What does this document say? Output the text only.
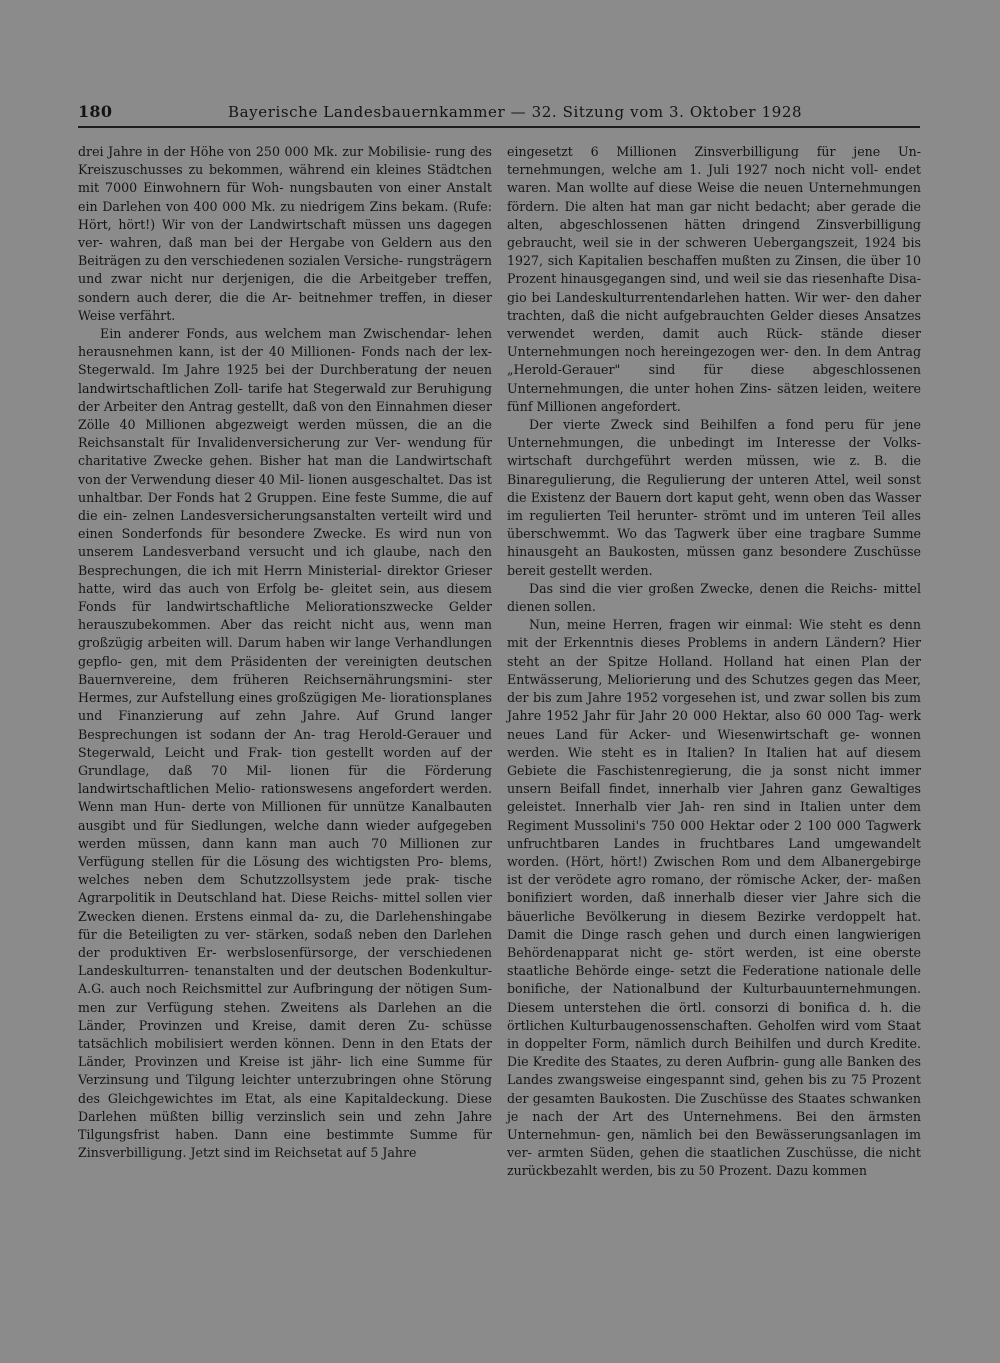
180	Bayerische Landesbauernkammer — 32. Sitzung vom 3. Oktober 1928

drei Jahre in der Höhe von 250 000 Mk. zur Mobilisie- rung des Kreiszuschusses zu bekommen, während ein kleines Städtchen mit 7000 Einwohnern für Woh- nungsbauten von einer Anstalt ein Darlehen von 400 000 Mk. zu niedrigem Zins bekam. (Rufe: Hört, hört!) Wir von der Landwirtschaft müssen uns dagegen ver- wahren, daß man bei der Hergabe von Geldern aus den Beiträgen zu den verschiedenen sozialen Versiche- rungsträgern und zwar nicht nur derjenigen, die die Arbeitgeber treffen, sondern auch derer, die die Ar- beitnehmer treffen, in dieser Weise verfährt.

Ein anderer Fonds, aus welchem man Zwischendar- lehen herausnehmen kann, ist der 40 Millionen- Fonds nach der lex-Stegerwald. Im Jahre 1925 bei der Durchberatung der neuen landwirtschaftlichen Zoll- tarife hat Stegerwald zur Beruhigung der Arbeiter den Antrag gestellt, daß von den Einnahmen dieser Zölle 40 Millionen abgezweigt werden müssen, die an die Reichsanstalt für Invalidenversicherung zur Ver- wendung für charitative Zwecke gehen. Bisher hat man die Landwirtschaft von der Verwendung dieser 40 Mil- lionen ausgeschaltet. Das ist unhaltbar. Der Fonds hat 2 Gruppen. Eine feste Summe, die auf die ein- zelnen Landesversicherungsanstalten verteilt wird und einen Sonderfonds für besondere Zwecke. Es wird nun von unserem Landesverband versucht und ich glaube, nach den Besprechungen, die ich mit Herrn Ministerial- direktor Grieser hatte, wird das auch von Erfolg be- gleitet sein, aus diesem Fonds für landwirtschaftliche Meliorationszwecke Gelder herauszubekommen. Aber das reicht nicht aus, wenn man großzügig arbeiten will. Darum haben wir lange Verhandlungen gepflo- gen, mit dem Präsidenten der vereinigten deutschen Bauernvereine, dem früheren Reichsernährungsmini- ster Hermes, zur Aufstellung eines großzügigen Me- liorationsplanes und Finanzierung auf zehn Jahre. Auf Grund langer Besprechungen ist sodann der An- trag Herold-Gerauer und Stegerwald, Leicht und Frak- tion gestellt worden auf der Grundlage, daß 70 Mil- lionen für die Förderung landwirtschaftlichen Melio- rationswesens angefordert werden. Wenn man Hun- derte von Millionen für unnütze Kanalbauten ausgibt und für Siedlungen, welche dann wieder aufgegeben werden müssen, dann kann man auch 70 Millionen zur Verfügung stellen für die Lösung des wichtigsten Pro- blems, welches neben dem Schutzzollsystem jede prak- tische Agrarpolitik in Deutschland hat. Diese Reichs- mittel sollen vier Zwecken dienen. Erstens einmal da- zu, die Darlehenshingabe für die Beteiligten zu ver- stärken, sodaß neben den Darlehen der produktiven Er- werbslosenfürsorge, der verschiedenen Landeskulturren- tenanstalten und der deutschen Bodenkultur-A.G. auch noch Reichsmittel zur Aufbringung der nötigen Sum- men zur Verfügung stehen. Zweitens als Darlehen an die Länder, Provinzen und Kreise, damit deren Zu- schüsse tatsächlich mobilisiert werden können. Denn in den Etats der Länder, Provinzen und Kreise ist jähr- lich eine Summe für Verzinsung und Tilgung leichter unterzubringen ohne Störung des Gleichgewichtes im Etat, als eine Kapitaldeckung. Diese Darlehen müßten billig verzinslich sein und zehn Jahre Tilgungsfrist haben. Dann eine bestimmte Summe für Zinsverbilligung. Jetzt sind im Reichsetat auf 5 Jahre

eingesetzt 6 Millionen Zinsverbilligung für jene Un- ternehmungen, welche am 1. Juli 1927 noch nicht voll- endet waren. Man wollte auf diese Weise die neuen Unternehmungen fördern. Die alten hat man gar nicht bedacht; aber gerade die alten, abgeschlossenen hätten dringend Zinsverbilligung gebraucht, weil sie in der schweren Uebergangszeit, 1924 bis 1927, sich Kapitalien beschaffen mußten zu Zinsen, die über 10 Prozent hinausgegangen sind, und weil sie das riesenhafte Disa- gio bei Landeskulturrentendarlehen hatten. Wir wer- den daher trachten, daß die nicht aufgebrauchten Gelder dieses Ansatzes verwendet werden, damit auch Rück- stände dieser Unternehmungen noch hereingezogen wer- den. In dem Antrag „Herold-Gerauer" sind für diese abgeschlossenen Unternehmungen, die unter hohen Zins- sätzen leiden, weitere fünf Millionen angefordert.

Der vierte Zweck sind Beihilfen a fond peru für jene Unternehmungen, die unbedingt im Interesse der Volks- wirtschaft durchgeführt werden müssen, wie z. B. die Binaregulierung, die Regulierung der unteren Attel, weil sonst die Existenz der Bauern dort kaput geht, wenn oben das Wasser im regulierten Teil herunter- strömt und im unteren Teil alles überschwemmt. Wo das Tagwerk über eine tragbare Summe hinausgeht an Baukosten, müssen ganz besondere Zuschüsse bereit gestellt werden.

Das sind die vier großen Zwecke, denen die Reichs- mittel dienen sollen.

Nun, meine Herren, fragen wir einmal: Wie steht es denn mit der Erkenntnis dieses Problems in andern Ländern? Hier steht an der Spitze Holland. Holland hat einen Plan der Entwässerung, Meliorierung und des Schutzes gegen das Meer, der bis zum Jahre 1952 vorgesehen ist, und zwar sollen bis zum Jahre 1952 Jahr für Jahr 20 000 Hektar, also 60 000 Tag- werk neues Land für Acker- und Wiesenwirtschaft ge- wonnen werden. Wie steht es in Italien? In Italien hat auf diesem Gebiete die Faschistenregierung, die ja sonst nicht immer unsern Beifall findet, innerhalb vier Jahren ganz Gewaltiges geleistet. Innerhalb vier Jah- ren sind in Italien unter dem Regiment Mussolini's 750 000 Hektar oder 2 100 000 Tagwerk unfruchtbaren Landes in fruchtbares Land umgewandelt worden. (Hört, hört!) Zwischen Rom und dem Albanergebirge ist der verödete agro romano, der römische Acker, der- maßen bonifiziert worden, daß innerhalb dieser vier Jahre sich die bäuerliche Bevölkerung in diesem Bezirke verdoppelt hat. Damit die Dinge rasch gehen und durch einen langwierigen Behördenapparat nicht ge- stört werden, ist eine oberste staatliche Behörde einge- setzt die Federatione nationale delle bonifiche, der Nationalbund der Kulturbauunternehmungen. Diesem unterstehen die örtl. consorzi di bonifica d. h. die örtlichen Kulturbaugenossenschaften. Geholfen wird vom Staat in doppelter Form, nämlich durch Beihilfen und durch Kredite. Die Kredite des Staates, zu deren Aufbrin- gung alle Banken des Landes zwangsweise eingespannt sind, gehen bis zu 75 Prozent der gesamten Baukosten. Die Zuschüsse des Staates schwanken je nach der Art des Unternehmens. Bei den ärmsten Unternehmun- gen, nämlich bei den Bewässerungsanlagen im ver- armten Süden, gehen die staatlichen Zuschüsse, die nicht zurückbezahlt werden, bis zu 50 Prozent. Dazu kommen
